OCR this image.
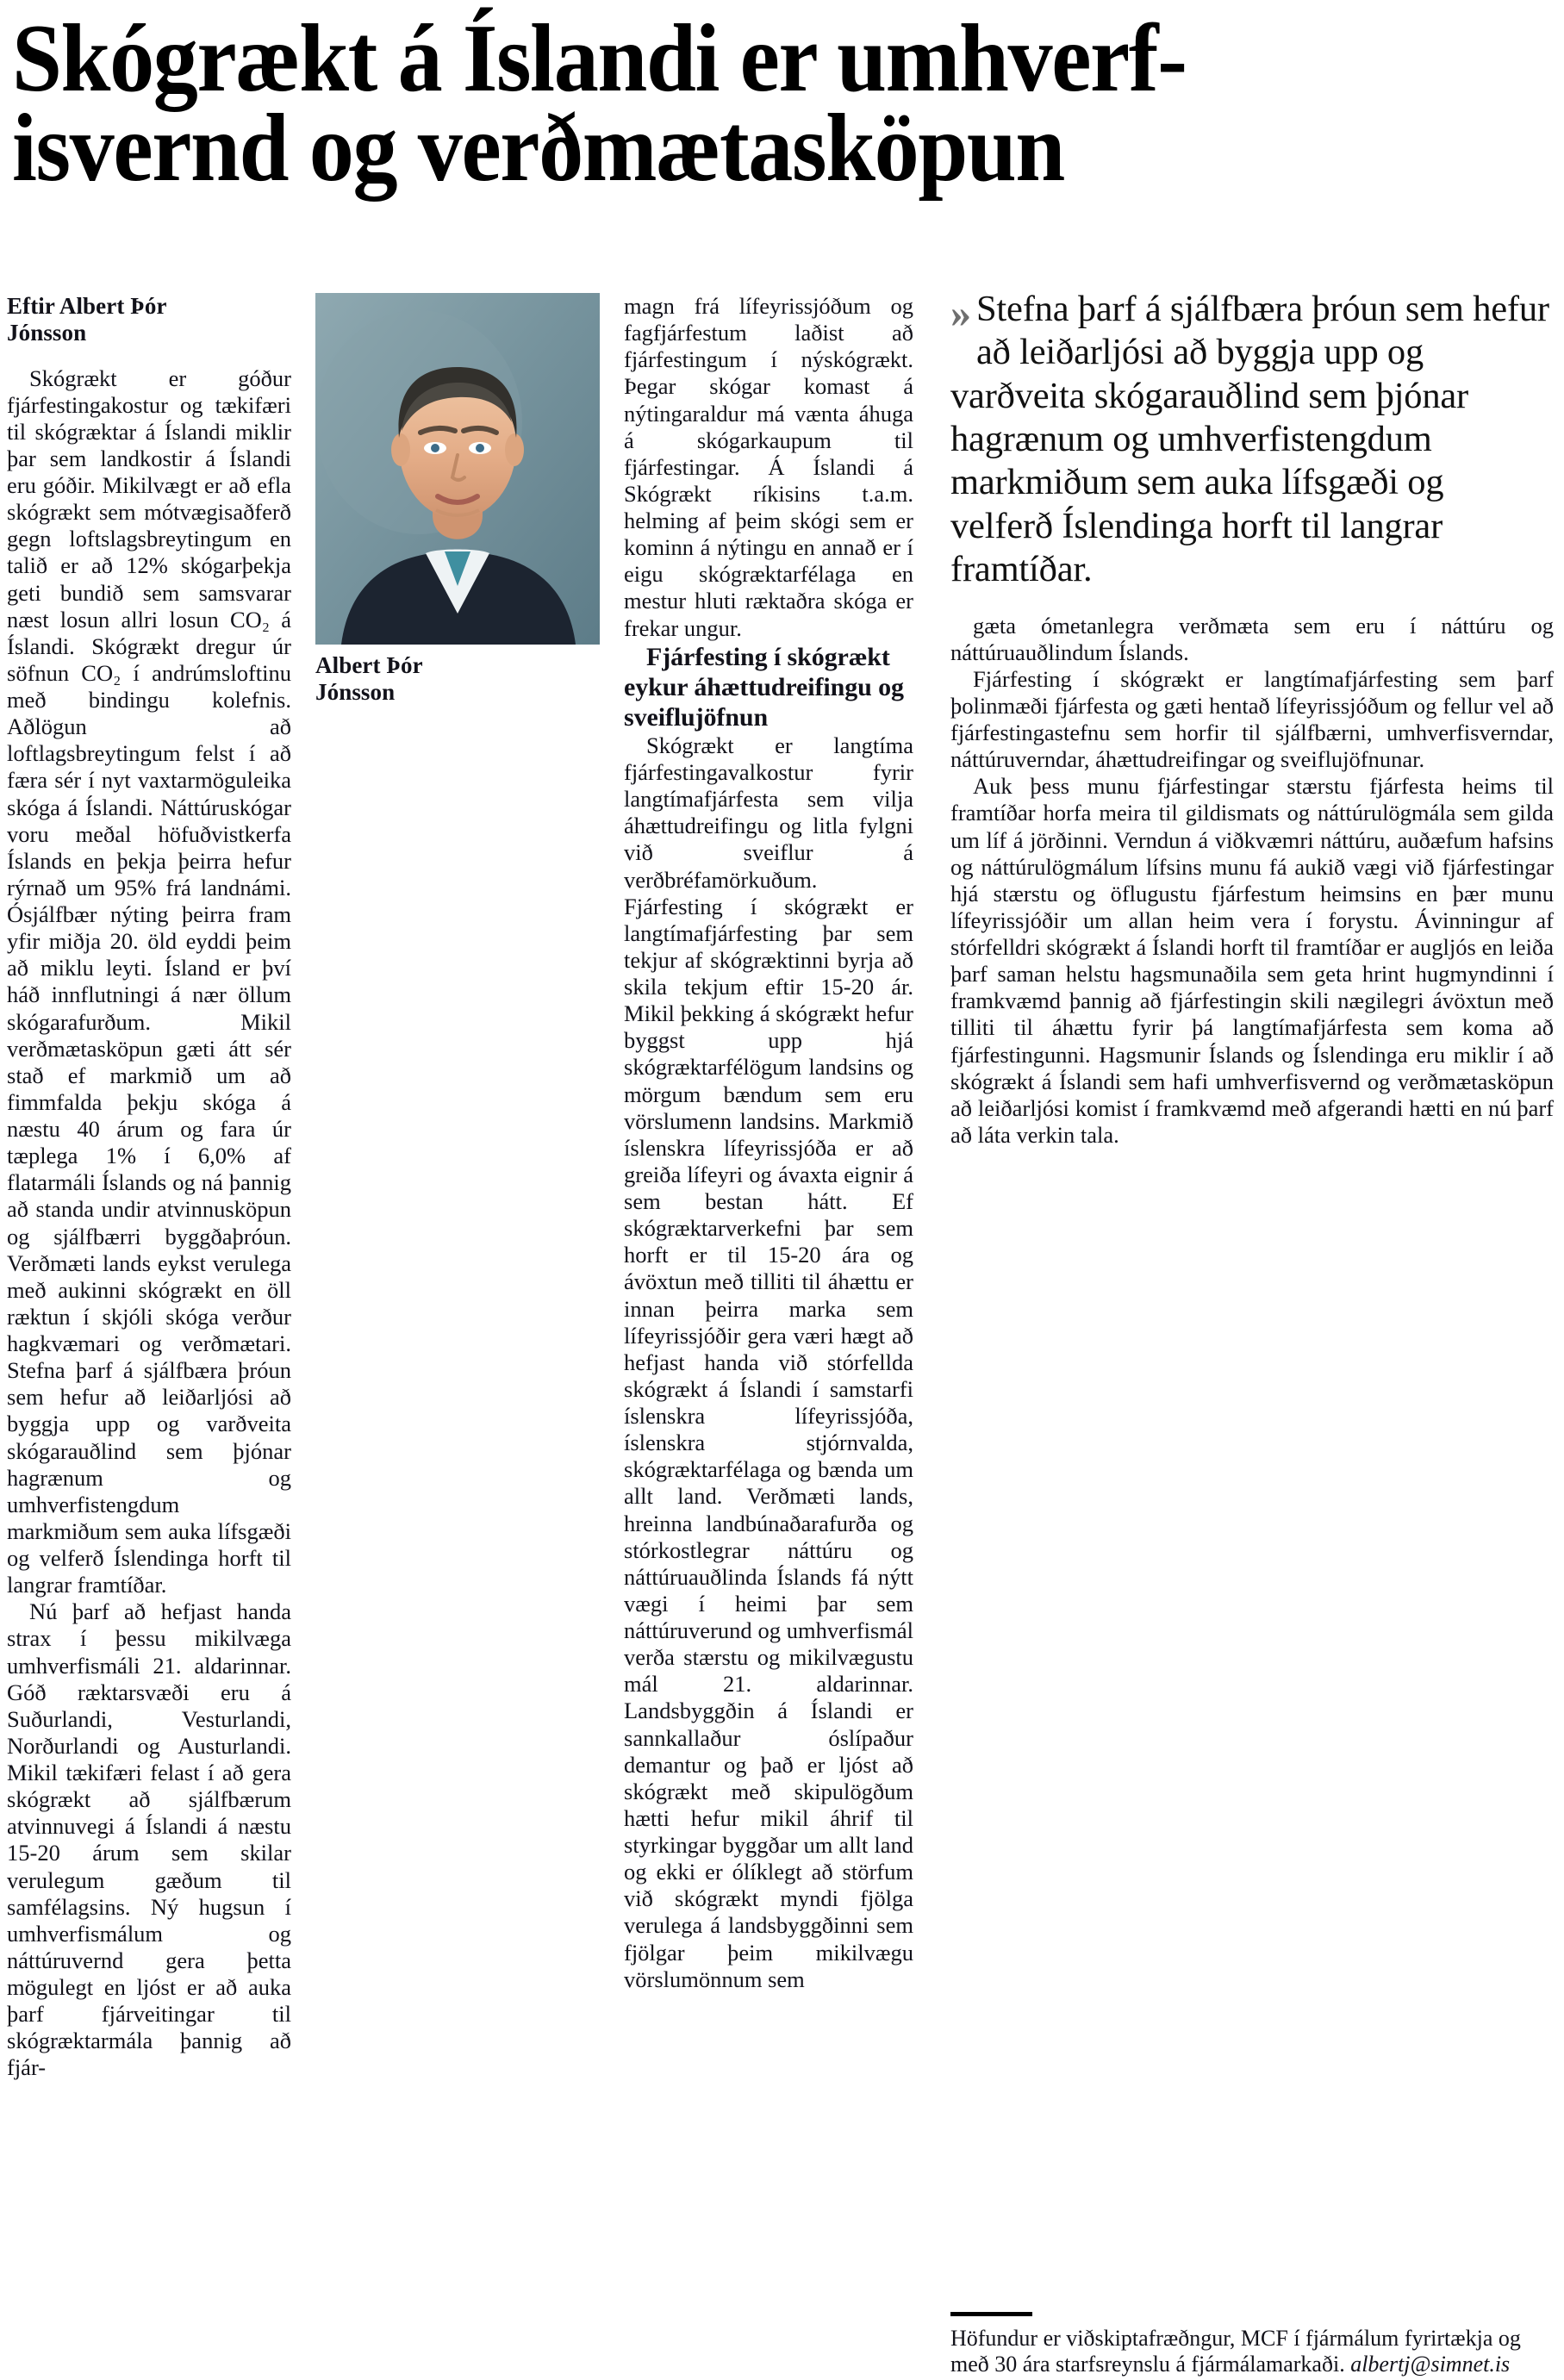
Skógrækt á Íslandi er umhverf-
isvernd og verðmætasköpun
Eftir Albert Þór
Jónsson

Skógrækt er góður fjárfestingakostur og tækifæri til skógræktar á Íslandi miklir þar sem landkostir á Íslandi eru góðir. Mikilvægt er að efla skógrækt sem mótvægisaðferð gegn loftslagsbreytingum en talið er að 12% skógarþekja geti bundið sem samsvarar næst losun allri losun CO₂ á Íslandi. Skógrækt dregur úr söfnun CO₂ í andrúmsloftinu með bindingu kolefnis. Aðlögun að loftlagsbreytingum felst í að færa sér í nyt vaxtarmöguleika skóga á Íslandi. Náttúruskógar voru meðal höfuðvistkerfa Íslands en þekja þeirra hefur rýrnað um 95% frá landnámi. Ósjálfbær nýting þeirra fram yfir miðja 20. öld eyddi þeim að miklu leyti. Ísland er því háð innflutningi á nær öllum skógarafurðum. Mikil verðmætasköpun gæti átt sér stað ef markmið um að fimmfalda þekju skóga á næstu 40 árum og fara úr tæplega 1% í 6,0% af flatarmáli Íslands og ná þannig að standa undir atvinnusköpun og sjálfbærri byggðaþróun. Verðmæti lands eykst verulega með aukinni skógrækt en öll ræktun í skjóli skóga verður hagkvæmari og verðmætari. Stefna þarf á sjálfbæra þróun sem hefur að leiðarljósi að byggja upp og varðveita skógarauðlind sem þjónar hagrænum og umhverfistengdum markmiðum sem auka lífsgæði og velferð Íslendinga horft til langrar framtíðar.

Nú þarf að hefjast handa strax í þessu mikilvæga umhverfismáli 21. aldarinnar. Góð ræktarsvæði eru á Suðurlandi, Vesturlandi, Norðurlandi og Austurlandi. Mikil tækifæri felast í að gera skógrækt að sjálfbærum atvinnuvegi á Íslandi á næstu 15-20 árum sem skilar verulegum gæðum til samfélagsins. Ný hugsun í umhverfismálum og náttúruvernd gera þetta mögulegt en ljóst er að auka þarf fjárveitingar til skógræktarmála þannig að fjár-

Albert Þór
Jónsson

magn frá lífeyrissjóðum og fagfjárfestum laðist að fjárfestingum í nýskógrækt. Þegar skógar komast á nýtingaraldur má vænta áhuga á skógarkaupum til fjárfestingar. Á Íslandi á Skógrækt ríkisins t.a.m. helming af þeim skógi sem er kominn á nýtingu en annað er í eigu skógræktarfélaga en mestur hluti ræktaðra skóga er frekar ungur.

Fjárfesting í skógrækt eykur áhættudreifingu og sveiflujöfnun

Skógrækt er langtíma fjárfestingavalkostur fyrir langtímafjárfesta sem vilja áhættudreifingu og litla fylgni við sveiflur á verðbréfamörkuðum. Fjárfesting í skógrækt er langtímafjárfesting þar sem tekjur af skógræktinni byrja að skila tekjum eftir 15-20 ár. Mikil þekking á skógrækt hefur byggst upp hjá skógræktarfélögum landsins og mörgum bændum sem eru vörslumenn landsins. Markmið íslenskra lífeyrissjóða er að greiða lífeyri og ávaxta eignir á sem bestan hátt. Ef skógræktarverkefni þar sem horft er til 15-20 ára og ávöxtun með tilliti til áhættu er innan þeirra marka sem lífeyrissjóðir gera væri hægt að hefjast handa við stórfellda skógrækt á Íslandi í samstarfi íslenskra lífeyrissjóða, íslenskra stjórnvalda, skógræktarfélaga og bænda um allt land. Verðmæti lands, hreinna landbúnaðarafurða og stórkostlegrar náttúru og náttúruauðlinda Íslands fá nýtt vægi í heimi þar sem náttúruverund og umhverfismál verða stærstu og mikilvægustu mál 21. aldarinnar. Landsbyggðin á Íslandi er sannkallaður óslípaður demantur og það er ljóst að skógrækt með skipulögðum hætti hefur mikil áhrif til styrkingar byggðar um allt land og ekki er ólíklegt að störfum við skógrækt myndi fjölga verulega á landsbyggðinni sem fjölgar þeim mikilvægu vörslumönnum sem

» Stefna þarf á sjálfbæra þróun sem hefur að leiðarljósi að byggja upp og varðveita skógarauðlind sem þjónar hagrænum og umhverfistengdum markmiðum sem auka lífsgæði og velferð Íslendinga horft til langrar framtíðar.

gæta ómetanlegra verðmæta sem eru í náttúru og náttúruauðlindum Íslands.

Fjárfesting í skógrækt er langtímafjárfesting sem þarf þolinmæði fjárfesta og gæti hentað lífeyrissjóðum og fellur vel að fjárfestingastefnu sem horfir til sjálfbærni, umhverfisverndar, náttúruverndar, áhættudreifingar og sveiflujöfnunar.

Auk þess munu fjárfestingar stærstu fjárfesta heims til framtíðar horfa meira til gildismats og náttúrulögmála sem gilda um líf á jörðinni. Verndun á viðkvæmri náttúru, auðæfum hafsins og náttúrulögmálum lífsins munu fá aukið vægi við fjárfestingar hjá stærstu og öflugustu fjárfestum heimsins en þær munu lífeyrissjóðir um allan heim vera í forystu. Ávinningur af stórfelldri skógrækt á Íslandi horft til framtíðar er augljós en leiða þarf saman helstu hagsmunaðila sem geta hrint hugmyndinni í framkvæmd þannig að fjárfestingin skili nægilegri ávöxtun með tilliti til áhættu fyrir þá langtímafjárfesta sem koma að fjárfestingunni. Hagsmunir Íslands og Íslendinga eru miklir í að skógrækt á Íslandi sem hafi umhverfisvernd og verðmætasköpun að leiðarljósi komist í framkvæmd með afgerandi hætti en nú þarf að láta verkin tala.

Höfundur er viðskiptafræðngur, MCF í fjármálum fyrirtækja og með 30 ára starfsreynslu á fjármálamarkaði. albertj@simnet.is
